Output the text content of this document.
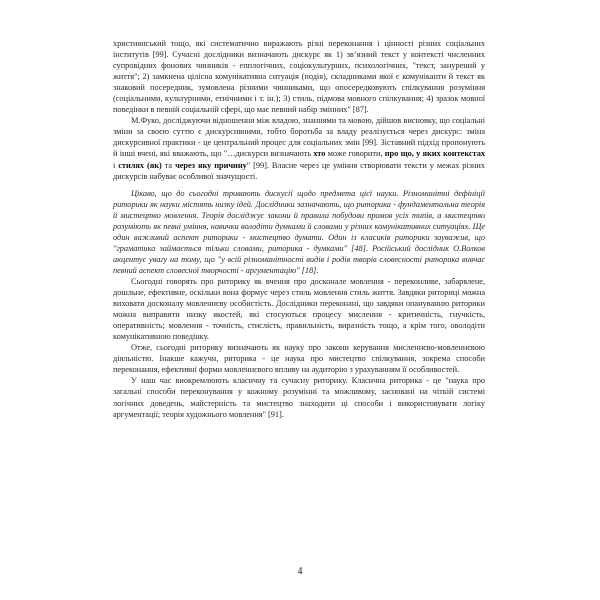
християнський тощо, які систематично виражають різні переконання і цінності різних соціальних інститутів [99]. Сучасні дослідники визначають дискурс як 1) зв’язний текст у контексті численних супровідних фонових чинників - епплогічних, соціокультурних, психологічних, "текст, занурений у життя"; 2) замкнена цілісна комунікативна ситуація (подія), складниками якої є комуніканти й текст як знаковий посередник, зумовлена різними чинниками, що опосередковують спілкування розуміння (соціальними, культурними, етнічними і т. ін.); 3) стиль, підмова мовного спілкування; 4) зразок мовної поведінки в певній соціальній сфері, що має певний набір змінних" [87].

М.Фуко, досліджуючи відношення між владою, знаннями та мовою, дійшов висновку, що соціальні зміни за своєю суттю є дискурсивними, тобто боротьба за владу реалізується через дискурс: зміна дискурсивної практики - це центральний процес для соціальних змін [99]. Зіставний підхід пропонують й інші вчені, які вважають, що "…дискурси визначають хто може говорити, про що, у яких контекстах і стилях (як) та через яку причину" [99]. Власне через це уміння створювати тексти у межах різних дискурсів набуває особливої значущості.

Цікаво, що до сьогодні тривають дискусії щодо предмета цієї науки. Різноманітні дефініції риторики як науки містять низку ідей. Дослідники зазначають, що риторика - фундаментальна теорія й мистецтво мовлення. Теорія досліджує закони й правила побудови промов усіх типів, а мистецтво розуміють як певні уміння, навички володіти думками й словами у різних комунікативних ситуаціях. Ще один важливий аспект риторики - мистецтво думати. Один із класиків риторики зауважив, що "граматика займається тільки словами, риторика - думками" [48]. Російський дослідник О.Волков акцентує увагу на тому, що "у всій різноманітності видів і родів творів словесності риторика вивчає певний аспект словесної творчості - аргументацію" [18].

Сьогодні говорять про риторику як вчення про досконале мовлення - переконливе, забарвлене, дошльне, ефективне, оскільки вона формує через стиль мовлення стиль життя. Завдяки риториці можна виховати досконалу мовленнєву особистість. Дослідники переконані, що завдяки опануванню риторики можна виправити низку якостей, які стосуються процесу мислення - критичність, гнучкість, оперативність; мовлення - точність, стислість, правильність, виразність тощо, а крім того, оволодіти комунікативною поведінку.

Отже, сьогодні риторику визначають як науку про закони керування мисленнєво-мовленнєвою діяльністю. Інакше кажучи, риторика - це наука про мистецтво спілкування, зокрема способи переконання, ефективні форми мовленнєвого впливу на аудиторію з урахуванням її особливостей.

У наш час виокремлюють класичну та сучасну риторику. Класична риторика - це "наука про загальні способи переконування у кожному розумінні та можливому, засновані на чіткій системі логічних доведень, майстерність та мистецтво знаходити ці способи і використовувати логіку аргументації; теорія художнього мовлення" [91].

4
